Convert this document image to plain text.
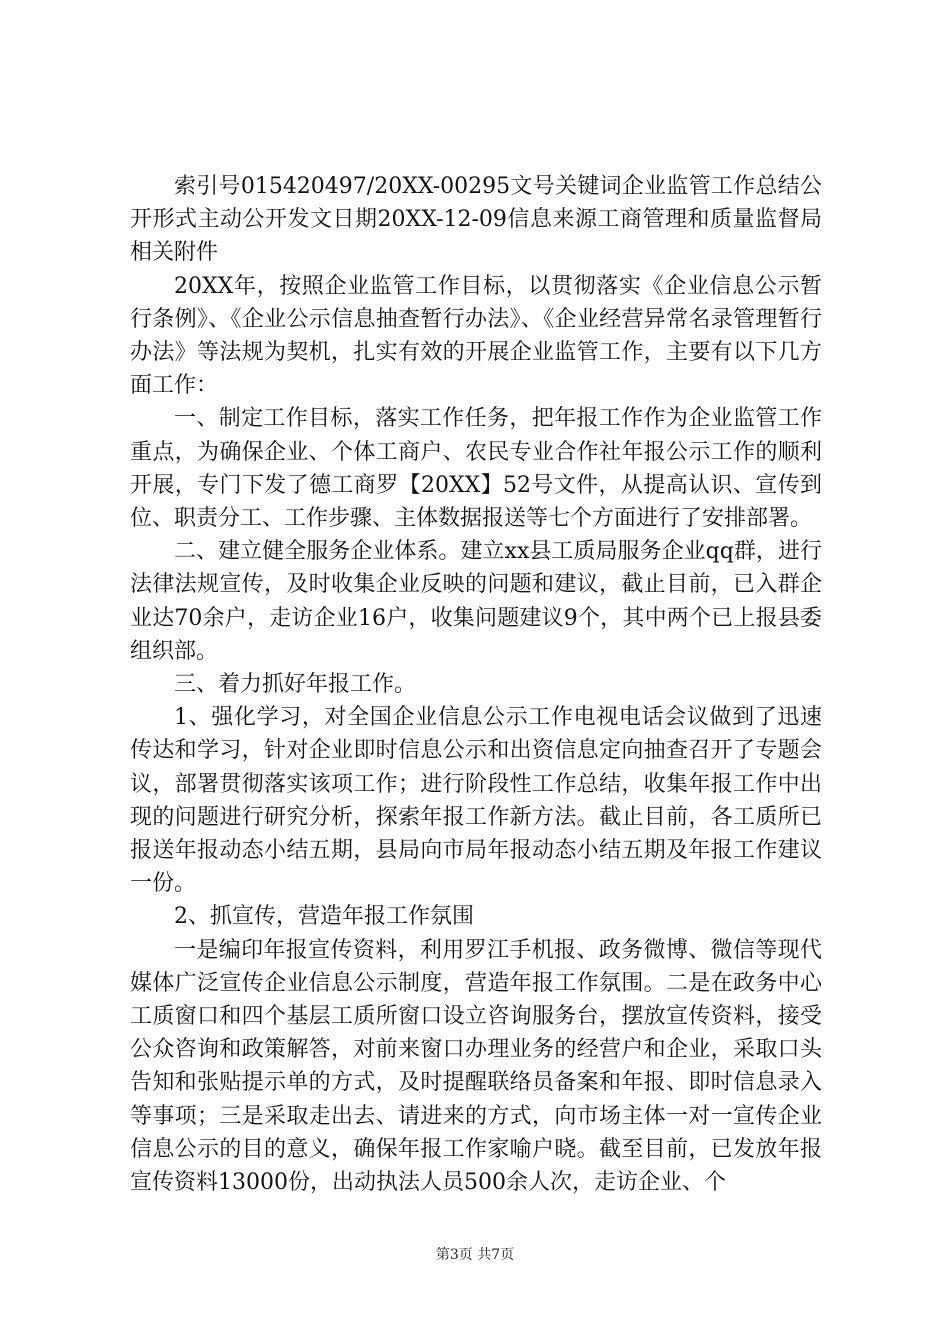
索引号015420497/20XX-00295文号关键词企业监管工作总结公开形式主动公开发文日期20XX-12-09信息来源工商管理和质量监督局相关附件

20XX年，按照企业监管工作目标，以贯彻落实《企业信息公示暂行条例》、《企业公示信息抽查暂行办法》、《企业经营异常名录管理暂行办法》等法规为契机，扎实有效的开展企业监管工作，主要有以下几方面工作：

一、制定工作目标，落实工作任务，把年报工作作为企业监管工作重点，为确保企业、个体工商户、农民专业合作社年报公示工作的顺利开展，专门下发了德工商罗【20XX】52号文件，从提高认识、宣传到位、职责分工、工作步骤、主体数据报送等七个方面进行了安排部署。

二、建立健全服务企业体系。建立xx县工质局服务企业qq群，进行法律法规宣传，及时收集企业反映的问题和建议，截止目前，已入群企业达70余户，走访企业16户，收集问题建议9个，其中两个已上报县委组织部。

三、着力抓好年报工作。

1、强化学习，对全国企业信息公示工作电视电话会议做到了迅速传达和学习，针对企业即时信息公示和出资信息定向抽查召开了专题会议，部署贯彻落实该项工作；进行阶段性工作总结，收集年报工作中出现的问题进行研究分析，探索年报工作新方法。截止目前，各工质所已报送年报动态小结五期，县局向市局年报动态小结五期及年报工作建议一份。

2、抓宣传，营造年报工作氛围

一是编印年报宣传资料，利用罗江手机报、政务微博、微信等现代媒体广泛宣传企业信息公示制度，营造年报工作氛围。二是在政务中心工质窗口和四个基层工质所窗口设立咨询服务台，摆放宣传资料，接受公众咨询和政策解答，对前来窗口办理业务的经营户和企业，采取口头告知和张贴提示单的方式，及时提醒联络员备案和年报、即时信息录入等事项；三是采取走出去、请进来的方式，向市场主体一对一宣传企业信息公示的目的意义，确保年报工作家喻户晓。截至目前，已发放年报宣传资料13000份，出动执法人员500余人次，走访企业、个

第3页 共7页
